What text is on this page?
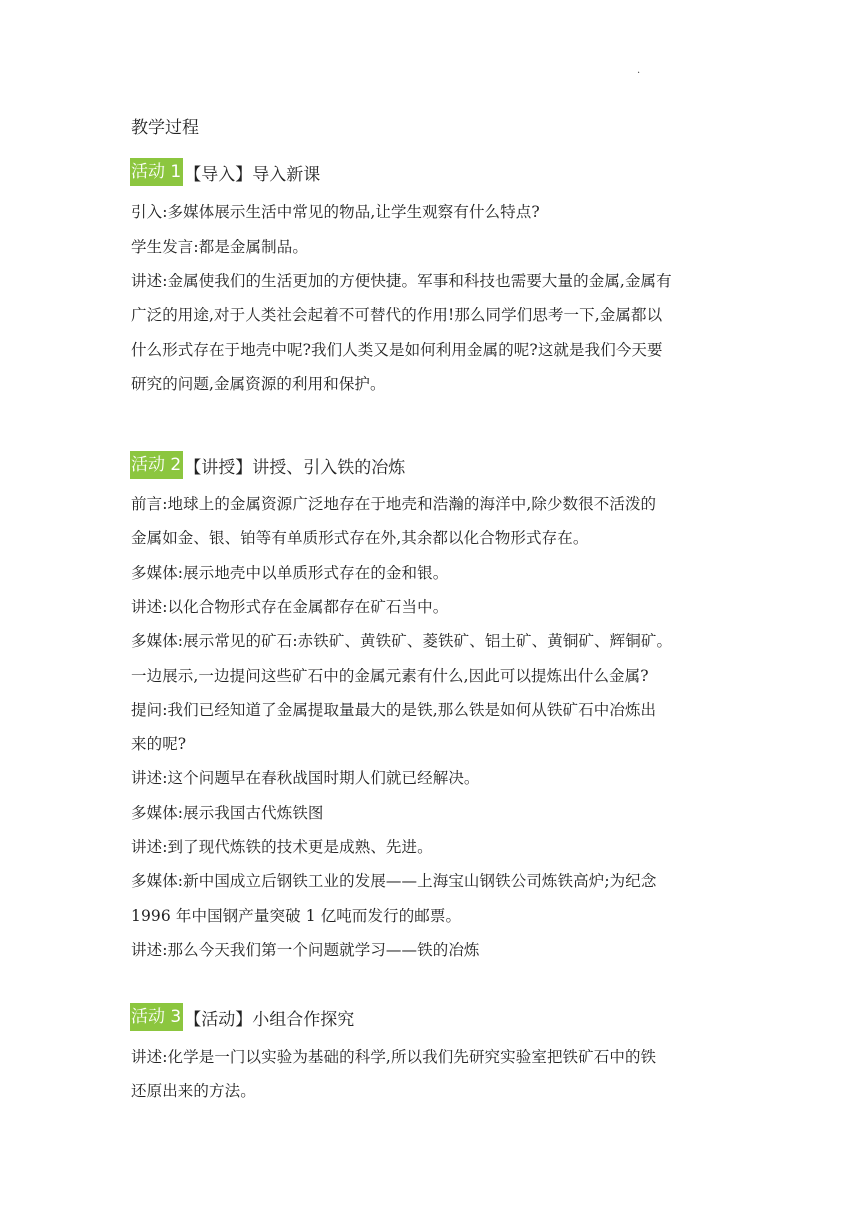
.
教学过程
活动 1 【导入】导入新课
引入:多媒体展示生活中常见的物品,让学生观察有什么特点?
学生发言:都是金属制品。
讲述:金属使我们的生活更加的方便快捷。军事和科技也需要大量的金属,金属有
广泛的用途,对于人类社会起着不可替代的作用!那么同学们思考一下,金属都以
什么形式存在于地壳中呢?我们人类又是如何利用金属的呢?这就是我们今天要
研究的问题,金属资源的利用和保护。
活动 2 【讲授】讲授、引入铁的冶炼
前言:地球上的金属资源广泛地存在于地壳和浩瀚的海洋中,除少数很不活泼的
金属如金、银、铂等有单质形式存在外,其余都以化合物形式存在。
多媒体:展示地壳中以单质形式存在的金和银。
讲述:以化合物形式存在金属都存在矿石当中。
多媒体:展示常见的矿石:赤铁矿、黄铁矿、菱铁矿、铝土矿、黄铜矿、辉铜矿。
一边展示,一边提问这些矿石中的金属元素有什么,因此可以提炼出什么金属?
提问:我们已经知道了金属提取量最大的是铁,那么铁是如何从铁矿石中冶炼出
来的呢?
讲述:这个问题早在春秋战国时期人们就已经解决。
多媒体:展示我国古代炼铁图
讲述:到了现代炼铁的技术更是成熟、先进。
多媒体:新中国成立后钢铁工业的发展——上海宝山钢铁公司炼铁高炉;为纪念
1996 年中国钢产量突破 1 亿吨而发行的邮票。
讲述:那么今天我们第一个问题就学习——铁的冶炼
活动 3 【活动】小组合作探究
讲述:化学是一门以实验为基础的科学,所以我们先研究实验室把铁矿石中的铁
还原出来的方法。
